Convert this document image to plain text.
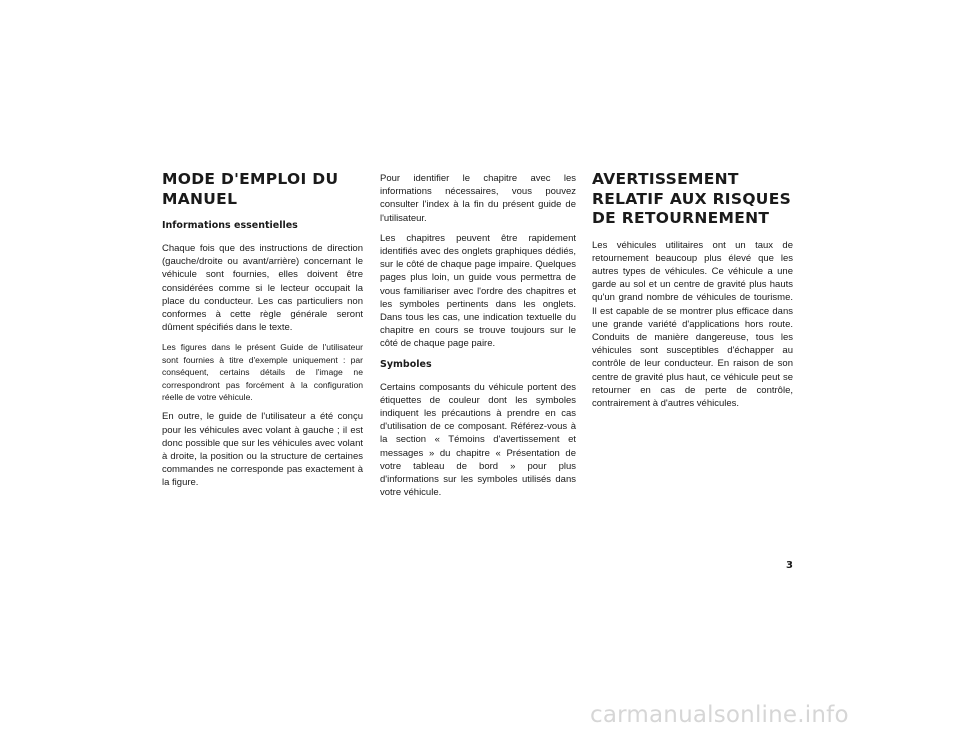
MODE D'EMPLOI DU MANUEL
Informations essentielles

Chaque fois que des instructions de direction (gauche/droite ou avant/arrière) concernant le véhicule sont fournies, elles doivent être considérées comme si le lecteur occupait la place du conducteur. Les cas particuliers non conformes à cette règle générale seront dûment spécifiés dans le texte.

Les figures dans le présent Guide de l'utilisateur sont fournies à titre d'exemple uniquement : par conséquent, certains détails de l'image ne correspondront pas forcément à la configuration réelle de votre véhicule.

En outre, le guide de l'utilisateur a été conçu pour les véhicules avec volant à gauche ; il est donc possible que sur les véhicules avec volant à droite, la position ou la structure de certaines commandes ne corresponde pas exactement à la figure.

Pour identifier le chapitre avec les informations nécessaires, vous pouvez consulter l'index à la fin du présent guide de l'utilisateur.

Les chapitres peuvent être rapidement identifiés avec des onglets graphiques dédiés, sur le côté de chaque page impaire. Quelques pages plus loin, un guide vous permettra de vous familiariser avec l'ordre des chapitres et les symboles pertinents dans les onglets. Dans tous les cas, une indication textuelle du chapitre en cours se trouve toujours sur le côté de chaque page paire.

Symboles

Certains composants du véhicule portent des étiquettes de couleur dont les symboles indiquent les précautions à prendre en cas d'utilisation de ce composant. Référez-vous à la section « Témoins d'avertissement et messages » du chapitre « Présentation de votre tableau de bord » pour plus d'informations sur les symboles utilisés dans votre véhicule.

AVERTISSEMENT RELATIF AUX RISQUES DE RETOURNEMENT

Les véhicules utilitaires ont un taux de retournement beaucoup plus élevé que les autres types de véhicules. Ce véhicule a une garde au sol et un centre de gravité plus hauts qu'un grand nombre de véhicules de tourisme. Il est capable de se montrer plus efficace dans une grande variété d'applications hors route. Conduits de manière dangereuse, tous les véhicules sont susceptibles d'échapper au contrôle de leur conducteur. En raison de son centre de gravité plus haut, ce véhicule peut se retourner en cas de perte de contrôle, contrairement à d'autres véhicules.

3
carmanualsonline.info
